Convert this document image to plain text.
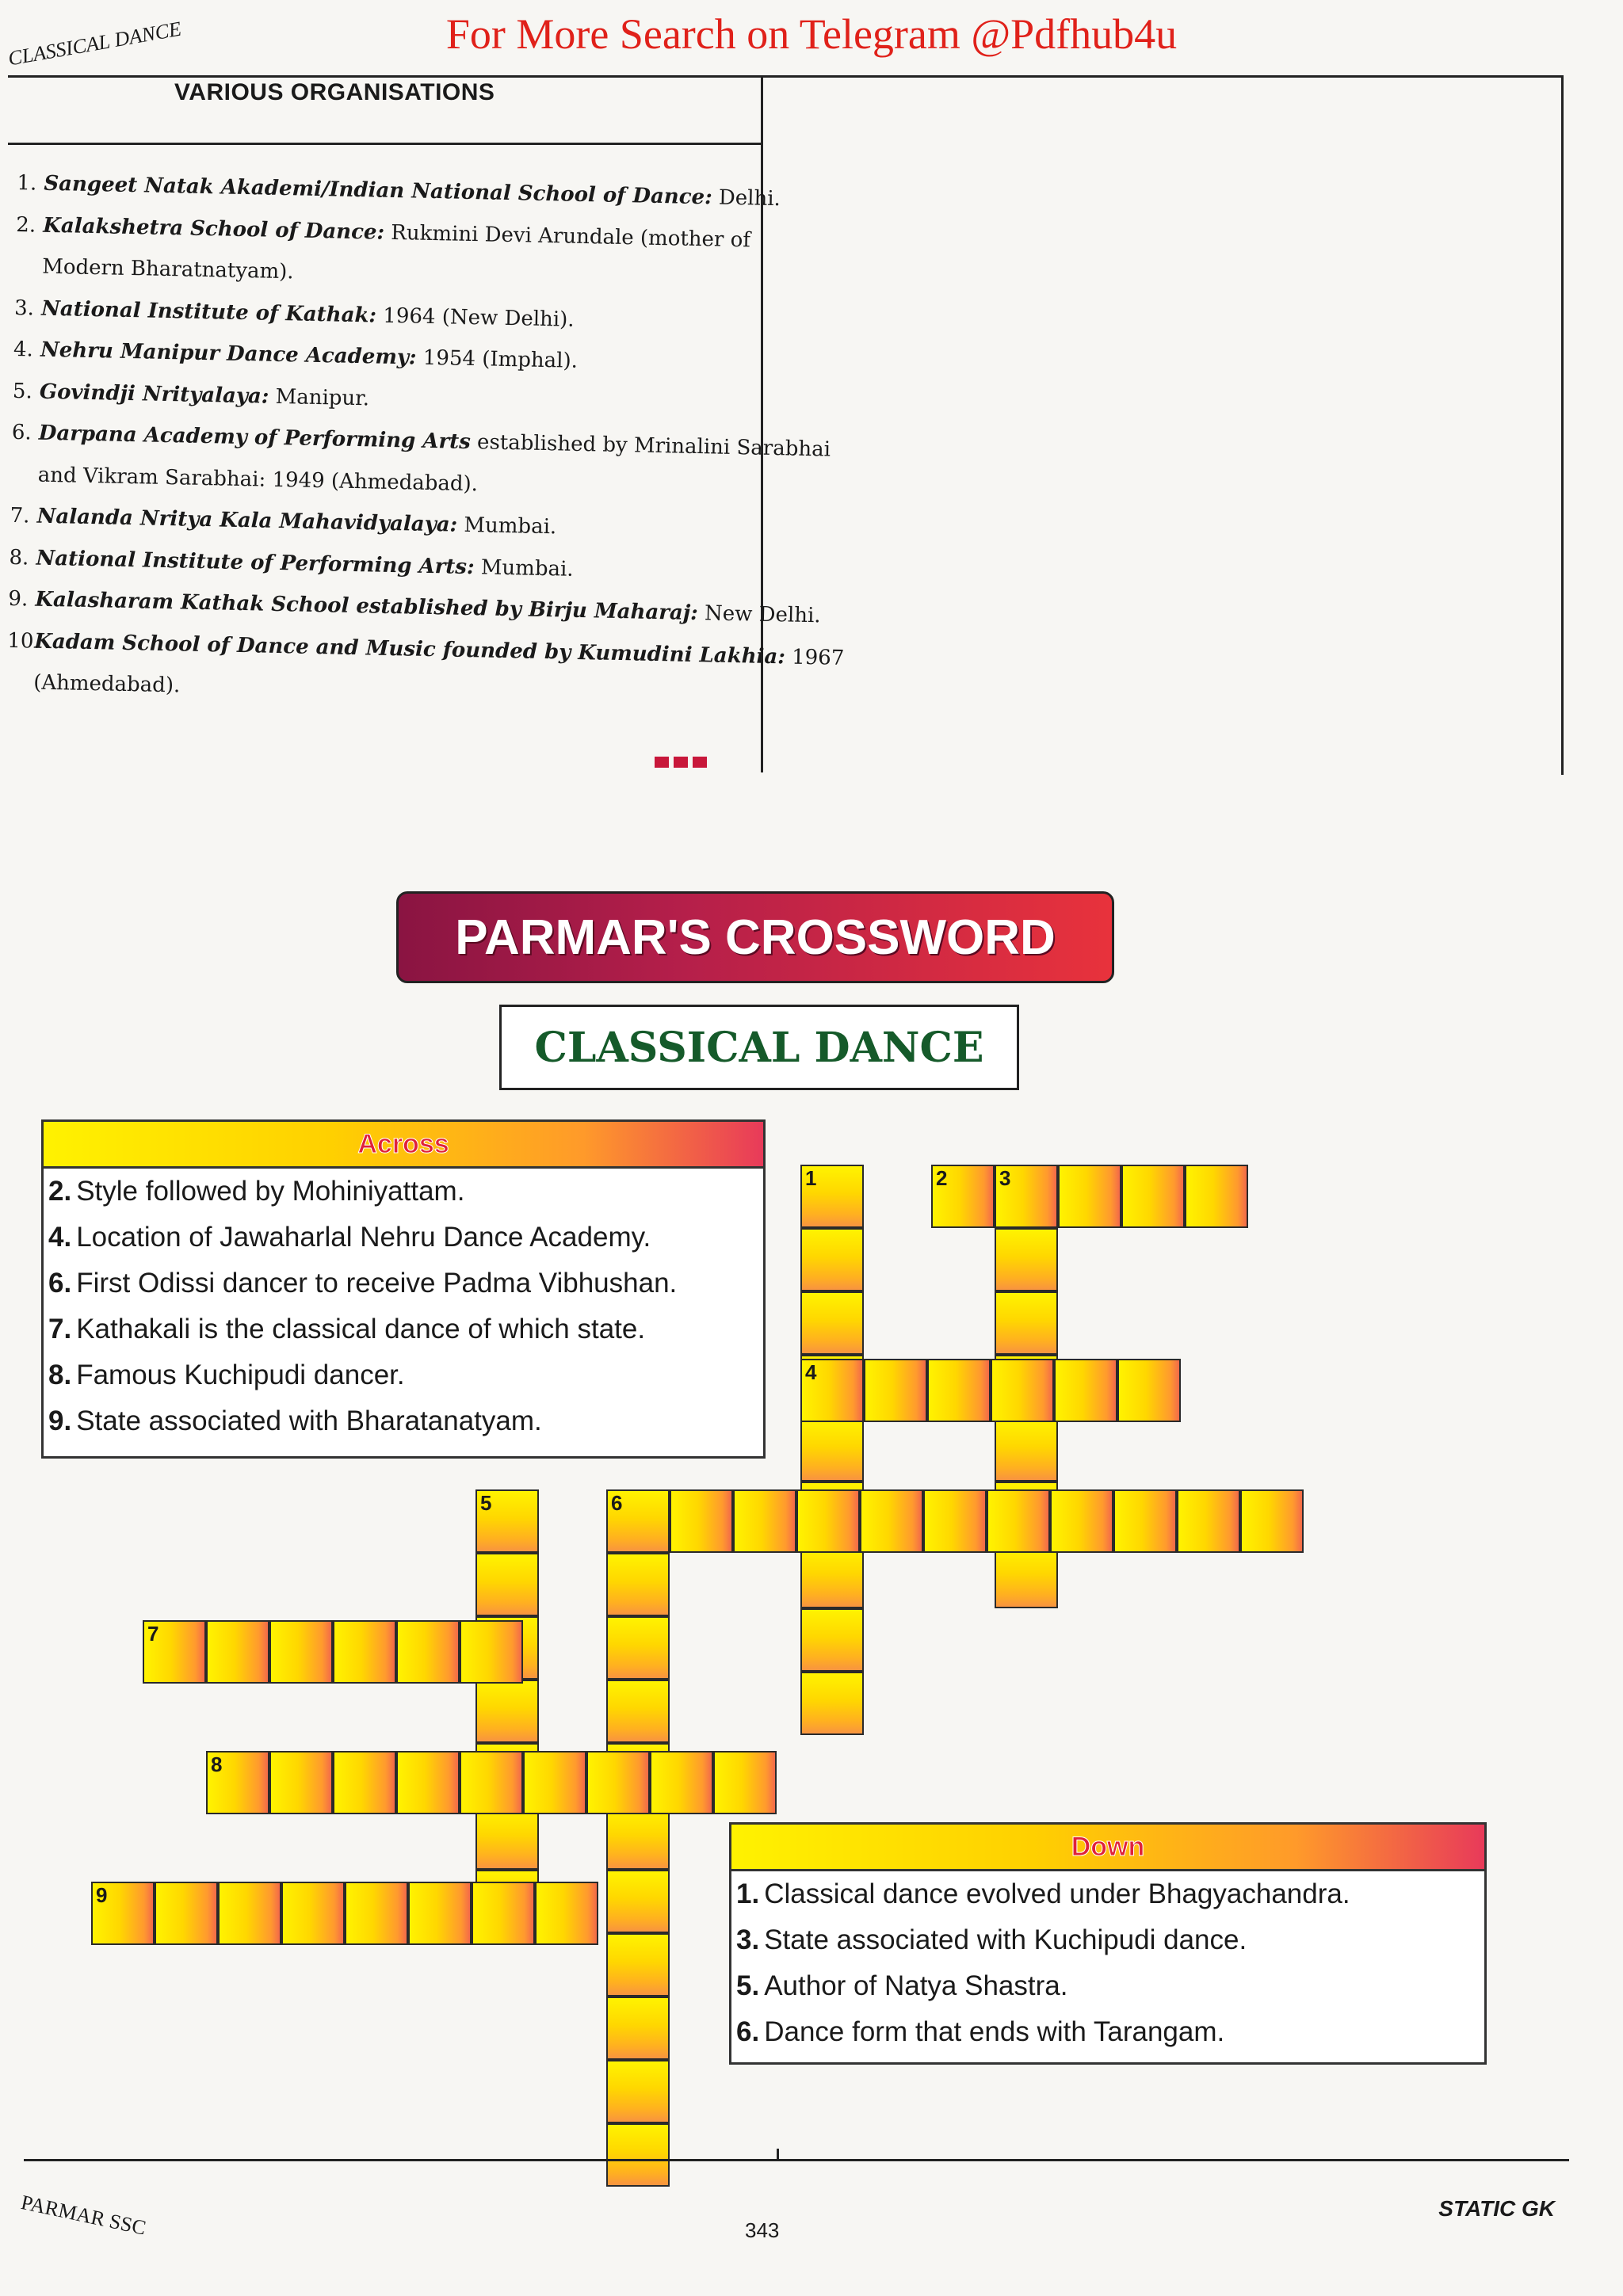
For More Search on Telegram @Pdfhub4u
CLASSICAL DANCE
VARIOUS ORGANISATIONS
1. Sangeet Natak Akademi/Indian National School of Dance: Delhi.
2. Kalakshetra School of Dance: Rukmini Devi Arundale (mother of
Modern Bharatnatyam).
3. National Institute of Kathak: 1964 (New Delhi).
4. Nehru Manipur Dance Academy: 1954 (Imphal).
5. Govindji Nrityalaya: Manipur.
6. Darpana Academy of Performing Arts established by Mrinalini Sarabhai
and Vikram Sarabhai: 1949 (Ahmedabad).
7. Nalanda Nritya Kala Mahavidyalaya: Mumbai.
8. National Institute of Performing Arts: Mumbai.
9. Kalasharam Kathak School established by Birju Maharaj: New Delhi.
10.Kadam School of Dance and Music founded by Kumudini Lakhia: 1967
(Ahmedabad).
PARMAR'S CROSSWORD
CLASSICAL DANCE
Across
2. Style followed by Mohiniyattam.
4. Location of Jawaharlal Nehru Dance Academy.
6. First Odissi dancer to receive Padma Vibhushan.
7. Kathakali is the classical dance of which state.
8. Famous Kuchipudi dancer.
9. State associated with Bharatanatyam.
Down
1. Classical dance evolved under Bhagyachandra.
3. State associated with Kuchipudi dance.
5. Author of Natya Shastra.
6. Dance form that ends with Tarangam.
1	2	3
4
5	6
7
8
9
PARMAR SSC	343
STATIC GK
